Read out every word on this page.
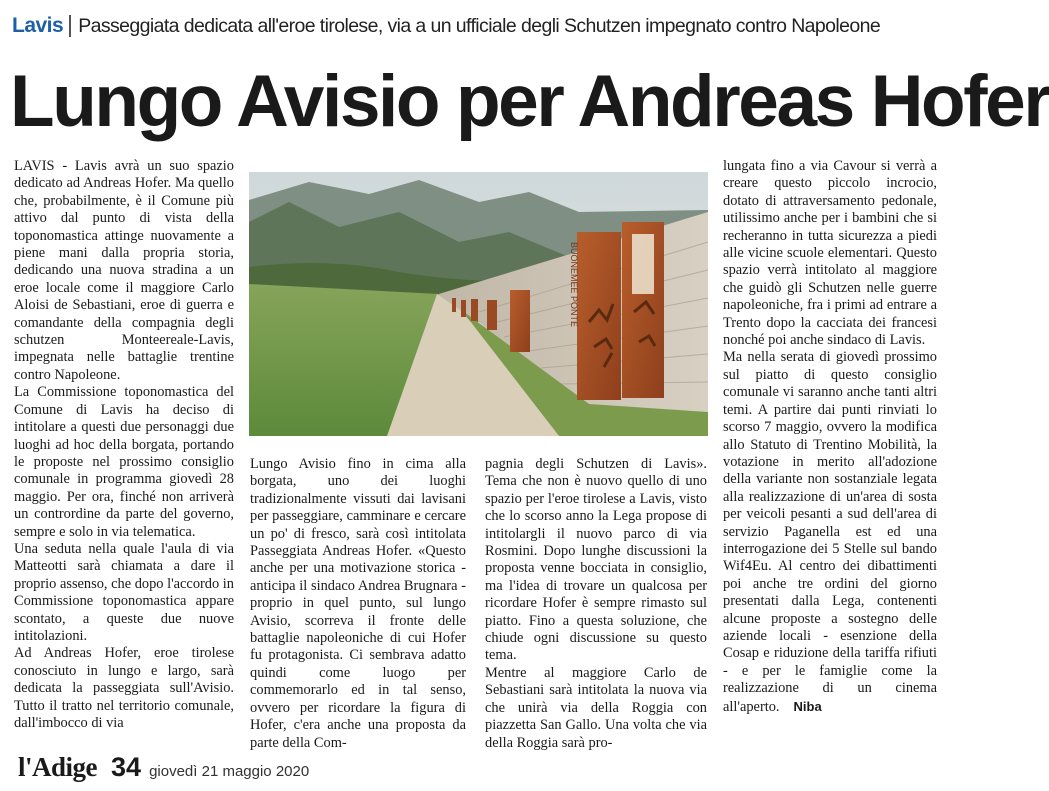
Lavis Passeggiata dedicata all'eroe tirolese, via a un ufficiale degli Schutzen impegnato contro Napoleone
Lungo Avisio per Andreas Hofer

LAVIS - Lavis avrà un suo spazio dedicato ad Andreas Hofer. Ma quello che, probabilmente, è il Comune più attivo dal punto di vista della toponomastica attinge nuovamente a piene mani dalla propria storia, dedicando una nuova stradina a un eroe locale come il maggiore Carlo Aloisi de Sebastiani, eroe di guerra e comandante della compagnia degli schutzen Monteereale-Lavis, impegnata nelle battaglie trentine contro Napoleone.

La Commissione toponomastica del Comune di Lavis ha deciso di intitolare a questi due personaggi due luoghi ad hoc della borgata, portando le proposte nel prossimo consiglio comunale in programma giovedì 28 maggio. Per ora, finché non arriverà un contrordine da parte del governo, sempre e solo in via telematica.

Una seduta nella quale l'aula di via Matteotti sarà chiamata a dare il proprio assenso, che dopo l'accordo in Commissione toponomastica appare scontato, a queste due nuove intitolazioni.

Ad Andreas Hofer, eroe tirolese conosciuto in lungo e largo, sarà dedicata la passeggiata sull'Avisio. Tutto il tratto nel territorio comunale, dall'imbocco di via

BUONEMEE PONTE

Lungo Avisio fino in cima alla borgata, uno dei luoghi tradizionalmente vissuti dai lavisani per passeggiare, camminare e cercare un po' di fresco, sarà così intitolata Passeggiata Andreas Hofer. «Questo anche per una motivazione storica - anticipa il sindaco Andrea Brugnara - proprio in quel punto, sul lungo Avisio, scorreva il fronte delle battaglie napoleoniche di cui Hofer fu protagonista. Ci sembrava adatto quindi come luogo per commemorarlo ed in tal senso, ovvero per ricordare la figura di Hofer, c'era anche una proposta da parte della Com-

pagnia degli Schutzen di Lavis». Tema che non è nuovo quello di uno spazio per l'eroe tirolese a Lavis, visto che lo scorso anno la Lega propose di intitolargli il nuovo parco di via Rosmini. Dopo lunghe discussioni la proposta venne bocciata in consiglio, ma l'idea di trovare un qualcosa per ricordare Hofer è sempre rimasto sul piatto. Fino a questa soluzione, che chiude ogni discussione su questo tema.

Mentre al maggiore Carlo de Sebastiani sarà intitolata la nuova via che unirà via della Roggia con piazzetta San Gallo. Una volta che via della Roggia sarà pro-

lungata fino a via Cavour si verrà a creare questo piccolo incrocio, dotato di attraversamento pedonale, utilissimo anche per i bambini che si recheranno in tutta sicurezza a piedi alle vicine scuole elementari. Questo spazio verrà intitolato al maggiore che guidò gli Schutzen nelle guerre napoleoniche, fra i primi ad entrare a Trento dopo la cacciata dei francesi nonché poi anche sindaco di Lavis.

Ma nella serata di giovedì prossimo sul piatto di questo consiglio comunale vi saranno anche tanti altri temi. A partire dai punti rinviati lo scorso 7 maggio, ovvero la modifica allo Statuto di Trentino Mobilità, la votazione in merito all'adozione della variante non sostanziale legata alla realizzazione di un'area di sosta per veicoli pesanti a sud dell'area di servizio Paganella est ed una interrogazione dei 5 Stelle sul bando Wif4Eu. Al centro dei dibattimenti poi anche tre ordini del giorno presentati dalla Lega, contenenti alcune proposte a sostegno delle aziende locali - esenzione della Cosap e riduzione della tariffa rifiuti - e per le famiglie come la realizzazione di un cinema all'aperto. Niba

l'Adige 34 giovedì 21 maggio 2020
